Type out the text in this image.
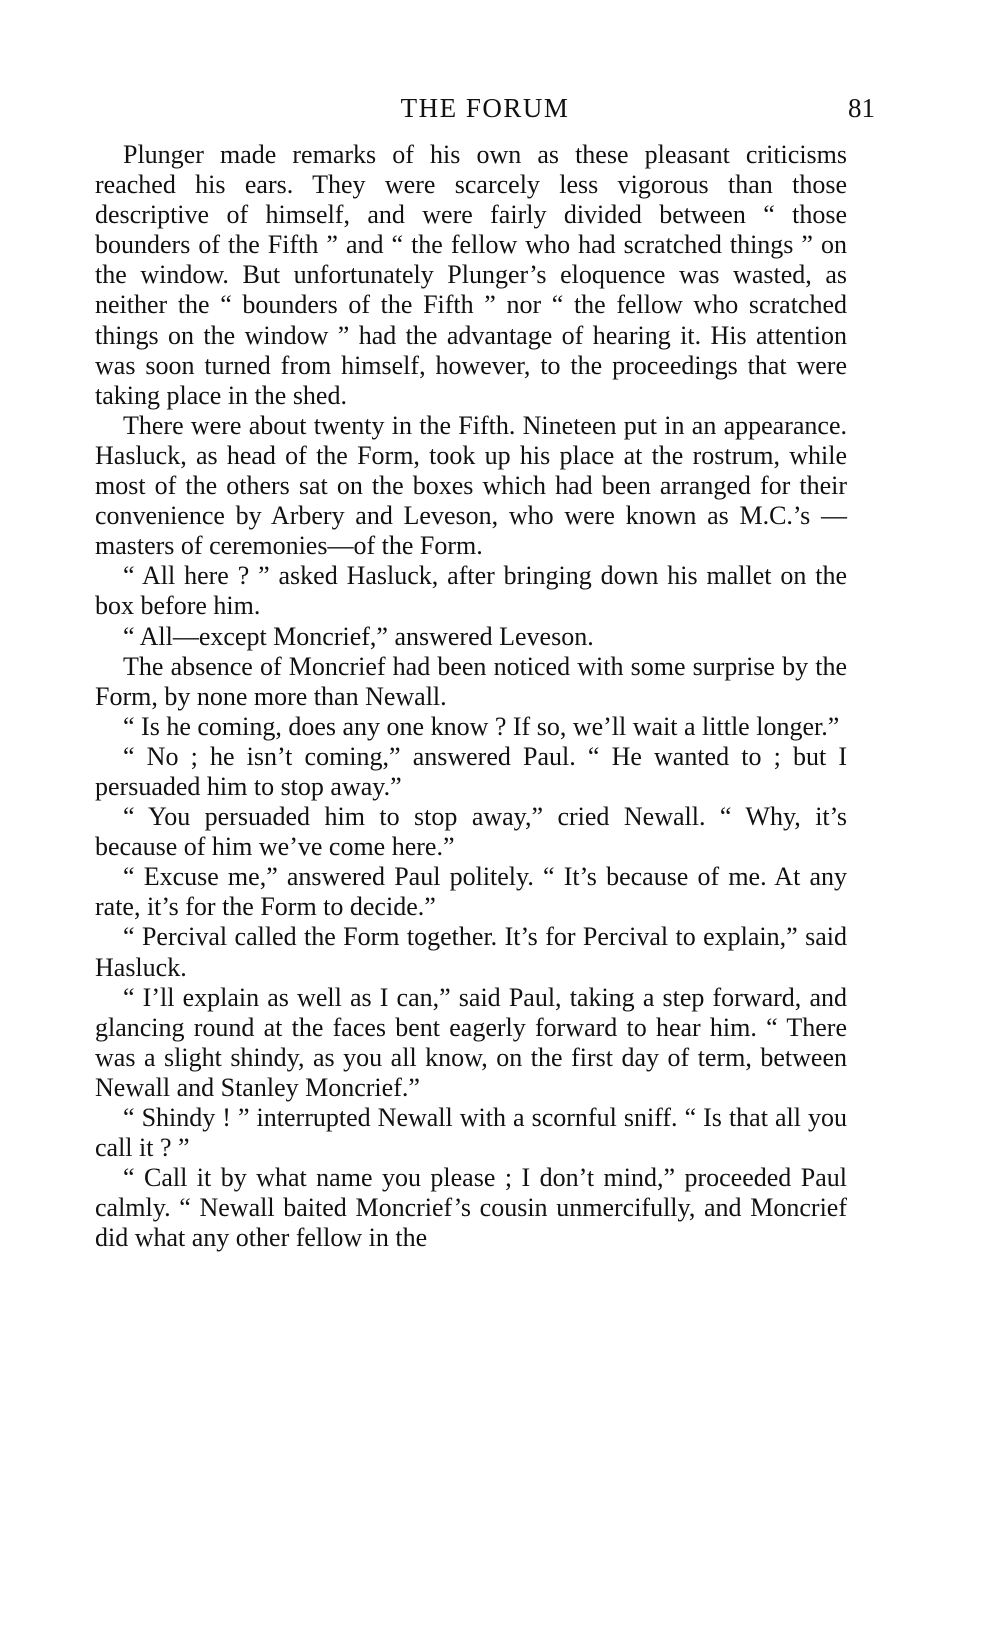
THE FORUM	81

Plunger made remarks of his own as these pleasant criticisms reached his ears. They were scarcely less vigorous than those descriptive of himself, and were fairly divided between “ those bounders of the Fifth ” and “ the fellow who had scratched things ” on the window. But unfortunately Plunger’s eloquence was wasted, as neither the “ bounders of the Fifth ” nor “ the fellow who scratched things on the window ” had the advantage of hearing it. His attention was soon turned from himself, however, to the proceedings that were taking place in the shed.

There were about twenty in the Fifth. Nineteen put in an appearance. Hasluck, as head of the Form, took up his place at the rostrum, while most of the others sat on the boxes which had been arranged for their convenience by Arbery and Leveson, who were known as M.C.’s —masters of ceremonies—of the Form.

“ All here ? ” asked Hasluck, after bringing down his mallet on the box before him.

“ All—except Moncrief,” answered Leveson.

The absence of Moncrief had been noticed with some surprise by the Form, by none more than Newall.

“ Is he coming, does any one know ? If so, we’ll wait a little longer.”

“ No ; he isn’t coming,” answered Paul. “ He wanted to ; but I persuaded him to stop away.”

“ You persuaded him to stop away,” cried Newall. “ Why, it’s because of him we’ve come here.”

“ Excuse me,” answered Paul politely. “ It’s because of me. At any rate, it’s for the Form to decide.”

“ Percival called the Form together. It’s for Percival to explain,” said Hasluck.

“ I’ll explain as well as I can,” said Paul, taking a step forward, and glancing round at the faces bent eagerly forward to hear him. “ There was a slight shindy, as you all know, on the first day of term, between Newall and Stanley Moncrief.”

“ Shindy ! ” interrupted Newall with a scornful sniff. “ Is that all you call it ? ”

“ Call it by what name you please ; I don’t mind,” proceeded Paul calmly. “ Newall baited Moncrief’s cousin unmercifully, and Moncrief did what any other fellow in the
